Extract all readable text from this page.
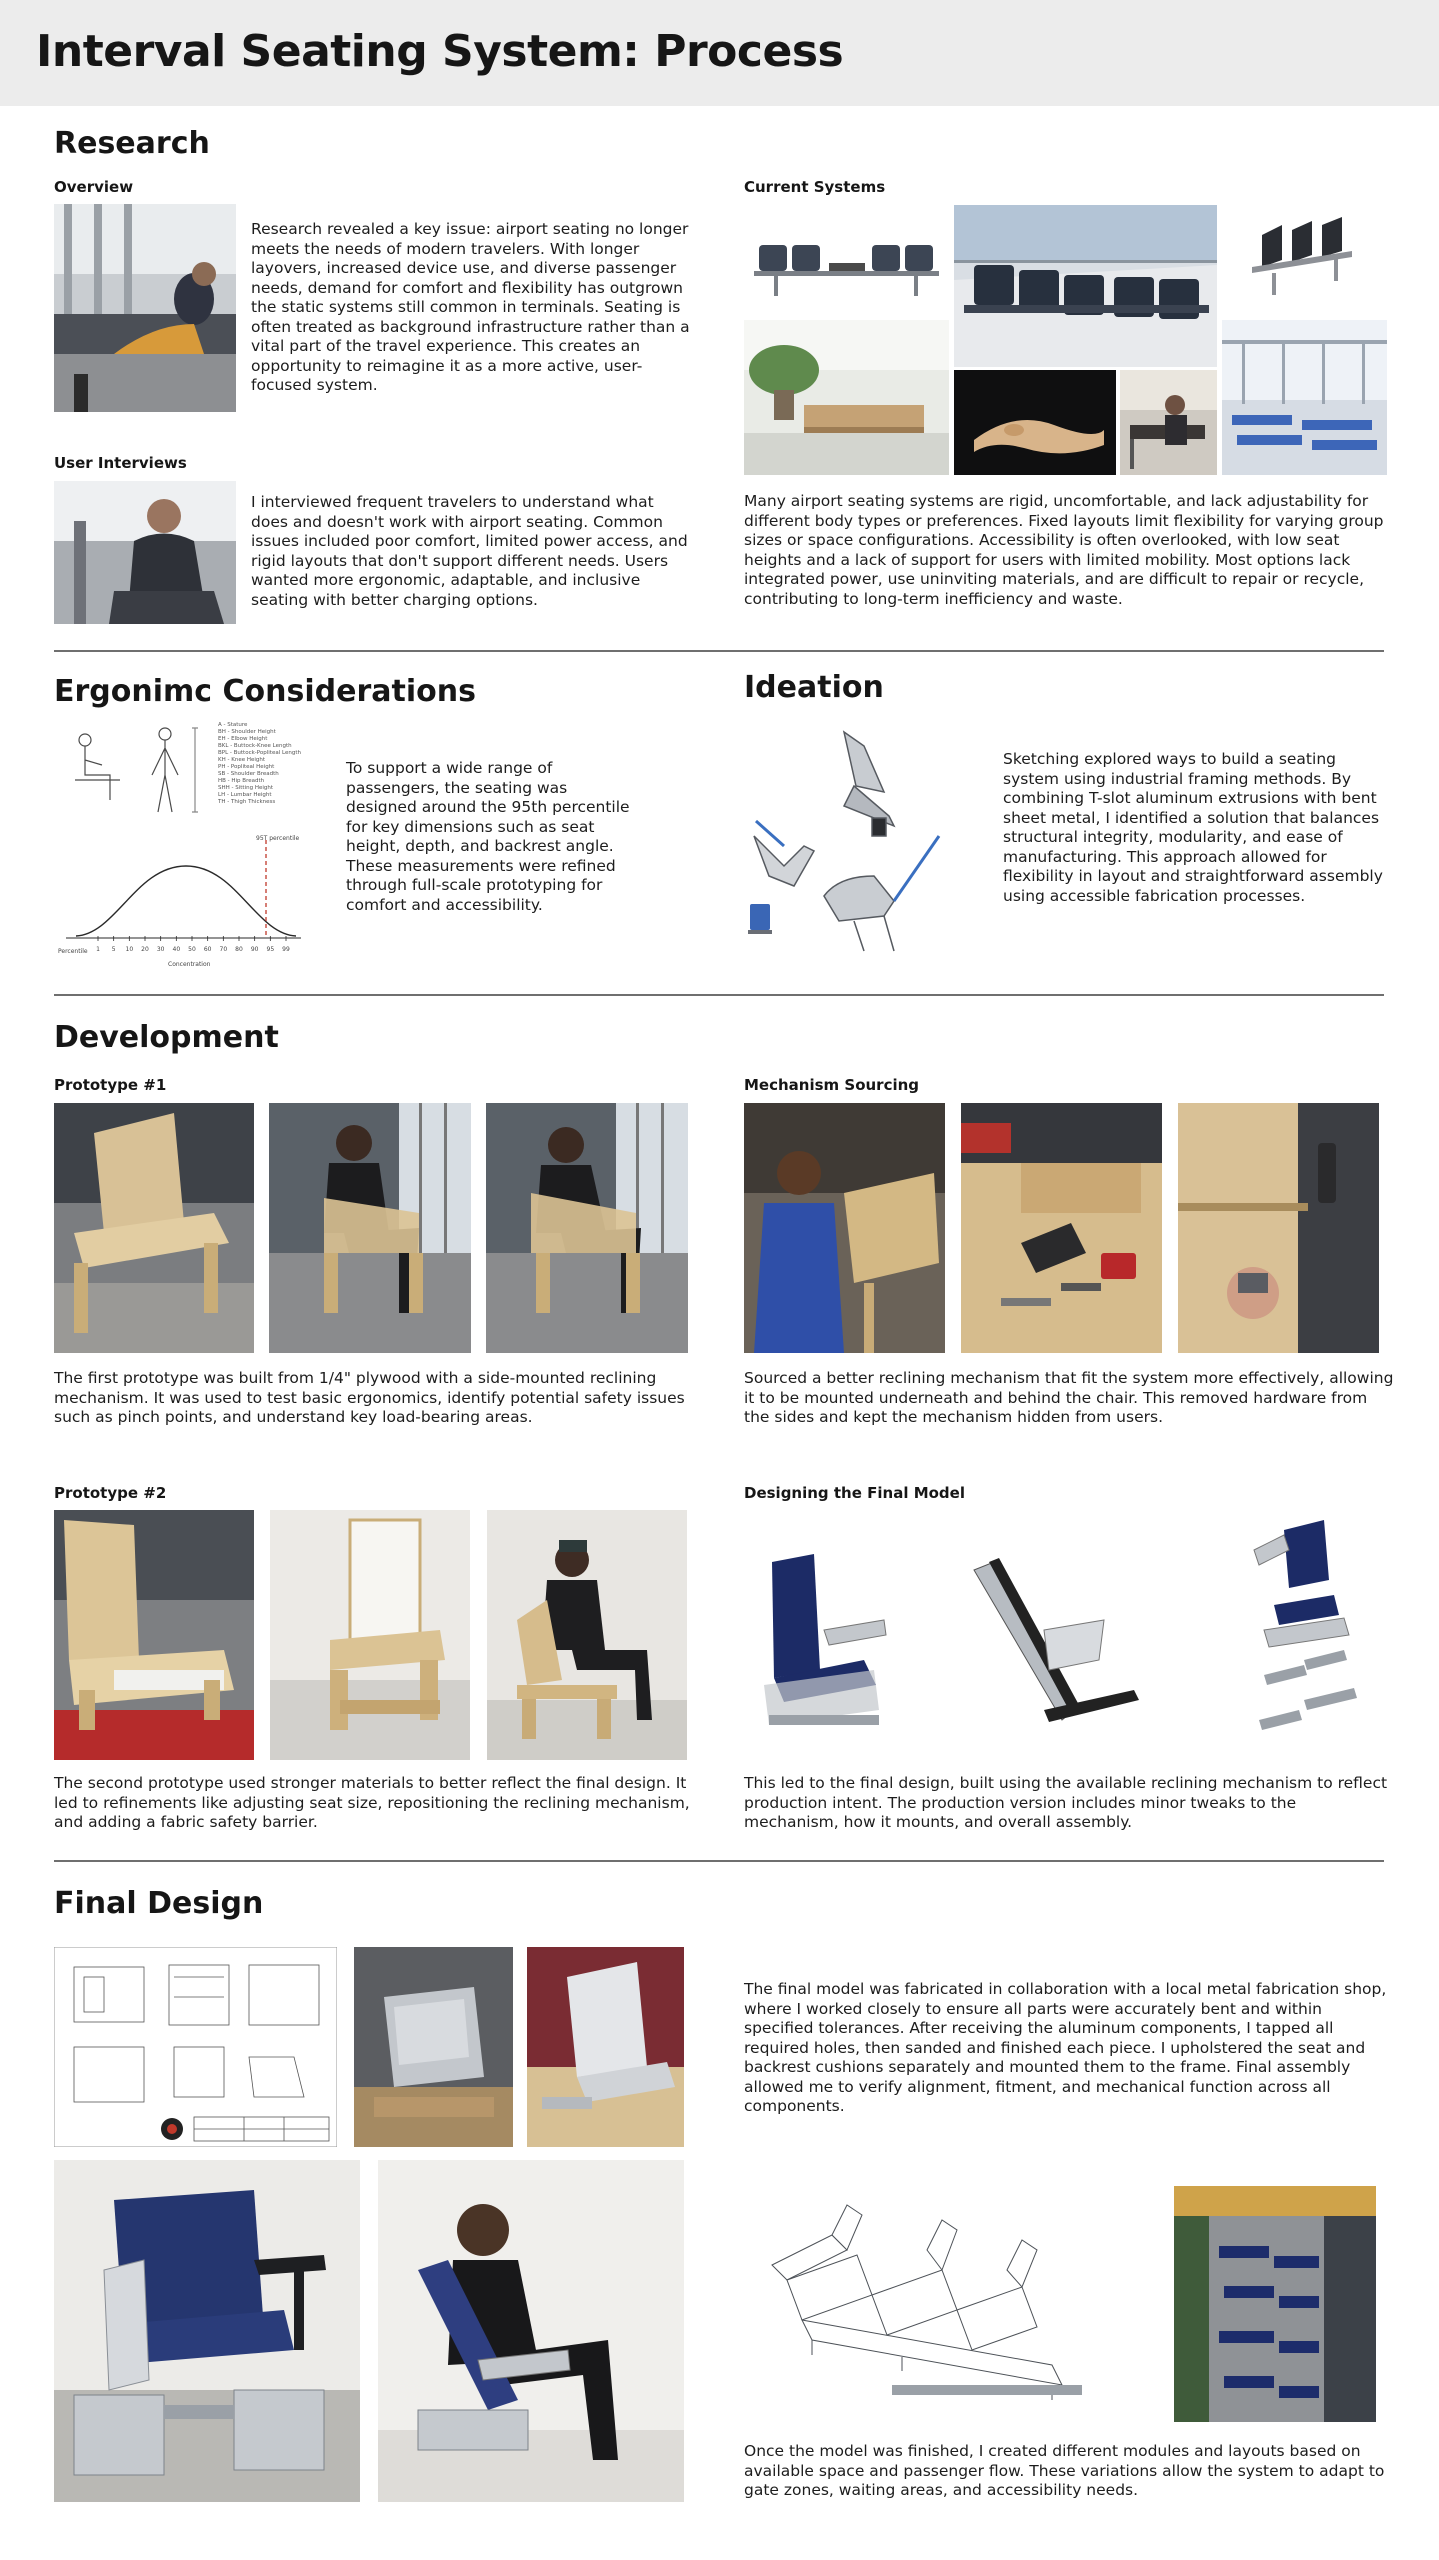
Interval Seating System: Process
Research
Overview

Research revealed a key issue: airport seating no longer meets the needs of modern travelers. With longer layovers, increased device use, and diverse passenger needs, demand for comfort and flexibility has outgrown the static systems still common in terminals. Seating is often treated as background infrastructure rather than a vital part of the travel experience. This creates an opportunity to reimagine it as a more active, user-focused system.

User Interviews

I interviewed frequent travelers to understand what does and doesn't work with airport seating. Common issues included poor comfort, limited power access, and rigid layouts that don't support different needs. Users wanted more ergonomic, adaptable, and inclusive seating with better charging options.

Current Systems

Many airport seating systems are rigid, uncomfortable, and lack adjustability for different body types or preferences. Fixed layouts limit flexibility for varying group sizes or space configurations. Accessibility is often overlooked, with low seat heights and a lack of support for users with limited mobility. Most options lack integrated power, use uninviting materials, and are difficult to repair or recycle, contributing to long-term inefficiency and waste.

Ergonimc Considerations
A - Stature
BH - Shoulder Height
EH - Elbow Height
BKL - Buttock-Knee Length
BPL - Buttock-Popliteal Length
KH - Knee Height
PH - Popliteal Height
SB - Shoulder Breadth
HB - Hip Breadth
SHH - Sitting Height
LH - Lumbar Height
TH - Thigh Thickness
95T percentile
Percentile
Concentration
1 5 10 20 30 40 50 60 70 80 90 95 99

To support a wide range of passengers, the seating was designed around the 95th percentile for key dimensions such as seat height, depth, and backrest angle. These measurements were refined through full-scale prototyping for comfort and accessibility.

Ideation

Sketching explored ways to build a seating system using industrial framing methods. By combining T-slot aluminum extrusions with bent sheet metal, I identified a solution that balances structural integrity, modularity, and ease of manufacturing. This approach allowed for flexibility in layout and straightforward assembly using accessible fabrication processes.

Development
Prototype #1

The first prototype was built from 1/4" plywood with a side-mounted reclining mechanism. It was used to test basic ergonomics, identify potential safety issues such as pinch points, and understand key load-bearing areas.

Mechanism Sourcing

Sourced a better reclining mechanism that fit the system more effectively, allowing it to be mounted underneath and behind the chair. This removed hardware from the sides and kept the mechanism hidden from users.

Prototype #2

The second prototype used stronger materials to better reflect the final design. It led to refinements like adjusting seat size, repositioning the reclining mechanism, and adding a fabric safety barrier.

Designing the Final Model

This led to the final design, built using the available reclining mechanism to reflect production intent. The production version includes minor tweaks to the mechanism, how it mounts, and overall assembly.

Final Design

The final model was fabricated in collaboration with a local metal fabrication shop, where I worked closely to ensure all parts were accurately bent and within specified tolerances. After receiving the aluminum components, I tapped all required holes, then sanded and finished each piece. I upholstered the seat and backrest cushions separately and mounted them to the frame. Final assembly allowed me to verify alignment, fitment, and mechanical function across all components.

Once the model was finished, I created different modules and layouts based on available space and passenger flow. These variations allow the system to adapt to gate zones, waiting areas, and accessibility needs.
